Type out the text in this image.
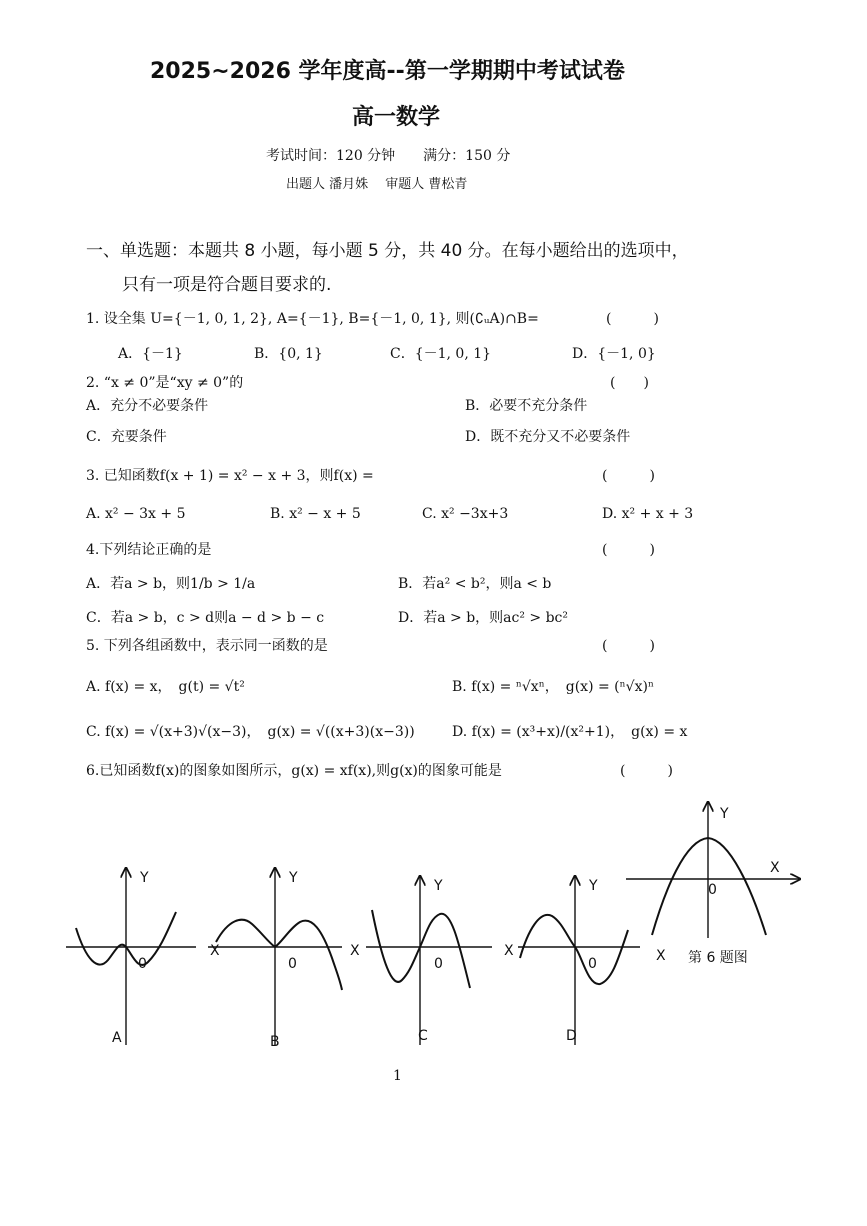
2025~2026 学年度高--第一学期期中考试试卷
高一数学
考试时间：120 分钟　　满分：150 分
出题人 潘月姝　 审题人 曹松青
一、单选题：本题共 8 小题，每小题 5 分，共 40 分。在每小题给出的选项中，
只有一项是符合题目要求的.
1. 设全集 U={－1, 0, 1, 2}, A={－1}, B={－1, 0, 1}, 则(∁ᵤA)∩B=	(　　　)
A．{－1}	B．{0, 1}	C．{－1, 0, 1}	D．{－1, 0}
2. “x ≠ 0”是“xy ≠ 0”的	(　　)
A．充分不必要条件	B．必要不充分条件
C．充要条件	D．既不充分又不必要条件
3. 已知函数f(x + 1) = x² − x + 3，则f(x) =	(　　　)
A. x² − 3x + 5	B. x² − x + 5	C. x² −3x+3	D. x² + x + 3
4.下列结论正确的是	(　　　)
A．若a > b，则1/b > 1/a	B．若a² < b²，则a < b
C．若a > b，c > d则a − d > b − c	D．若a > b，则ac² > bc²
5. 下列各组函数中，表示同一函数的是	(　　　)
A. f(x) = x，　g(t) = √t²	B. f(x) = ⁿ√xⁿ，　g(x) = (ⁿ√x)ⁿ
C. f(x) = √(x+3)√(x−3)，　g(x) = √((x+3)(x−3))	D. f(x) = (x³+x)/(x²+1)，　g(x) = x
6.已知函数f(x)的图象如图所示，g(x) = xf(x),则g(x)的图象可能是	(　　　)
Y
0
A
Y
X
0
B
Y
X
0
C
Y
X
0
D
Y
X
0
X 第 6 题图
1
